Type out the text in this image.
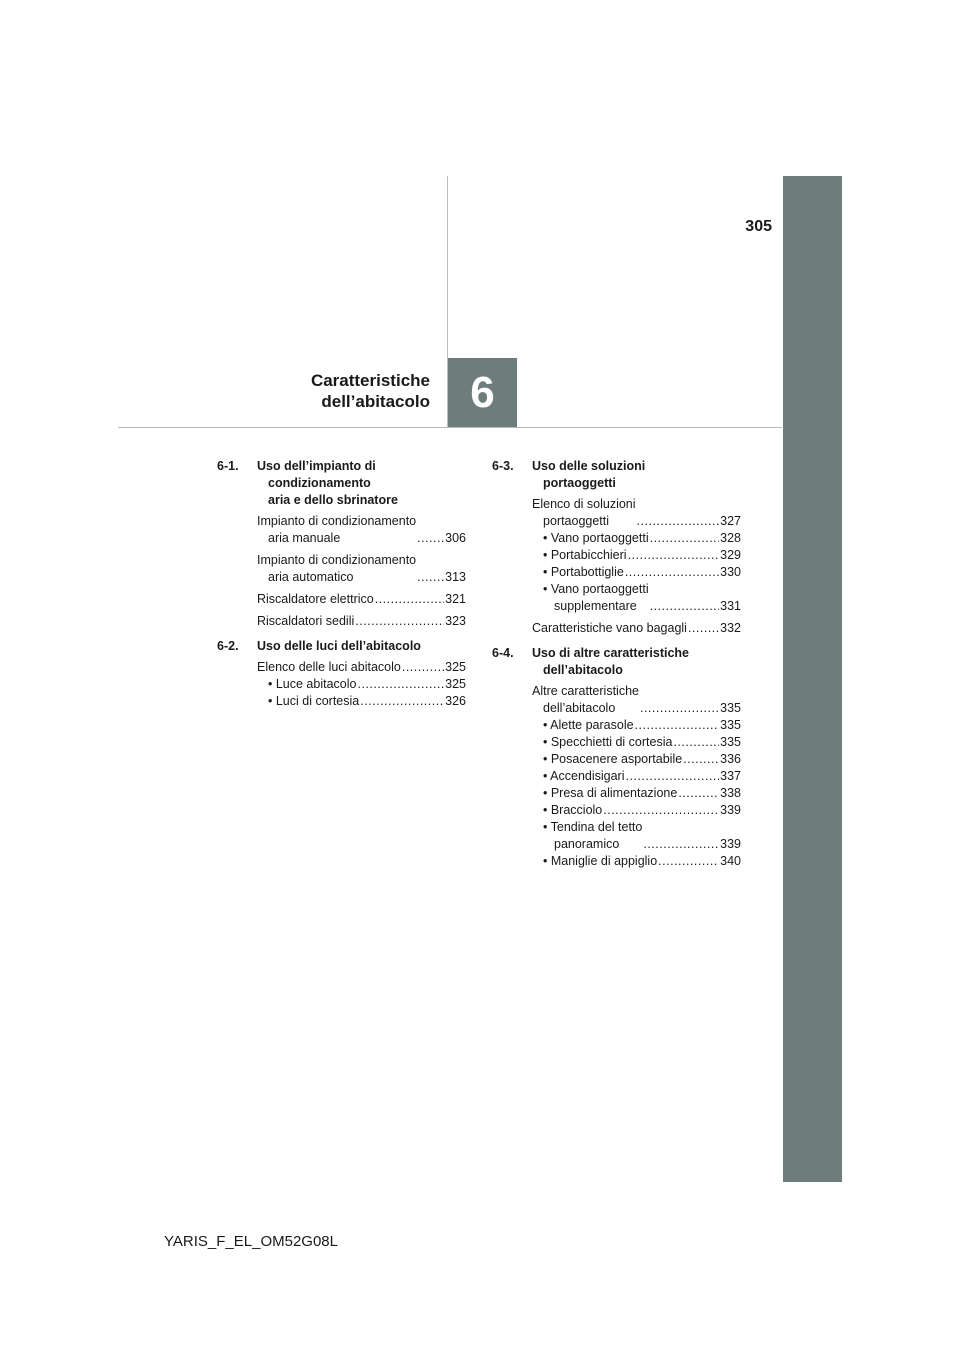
305
Caratteristiche
dell’abitacolo 6
6-1.	Uso dell’impianto di
condizionamento
aria e dello sbrinatore
Impianto di condizionamento
aria manuale .....	306
Impianto di condizionamento
aria automatico .....	313
Riscaldatore elettrico .....	321
Riscaldatori sedili .....	323
6-2.	Uso delle luci dell’abitacolo
Elenco delle luci abitacolo .....	325
• Luce abitacolo .....	325
• Luci di cortesia .....	326
6-3.	Uso delle soluzioni
portaoggetti
Elenco di soluzioni
portaoggetti .....	327
• Vano portaoggetti .....	328
• Portabicchieri .....	329
• Portabottiglie .....	330
• Vano portaoggetti
supplementare .....	331
Caratteristiche vano bagagli .....	332
6-4.	Uso di altre caratteristiche
dell’abitacolo
Altre caratteristiche
dell’abitacolo .....	335
• Alette parasole .....	335
• Specchietti di cortesia .....	335
• Posacenere asportabile .....	336
• Accendisigari .....	337
• Presa di alimentazione .....	338
• Bracciolo .....	339
• Tendina del tetto
panoramico .....	339
• Maniglie di appiglio .....	340
YARIS_F_EL_OM52G08L
